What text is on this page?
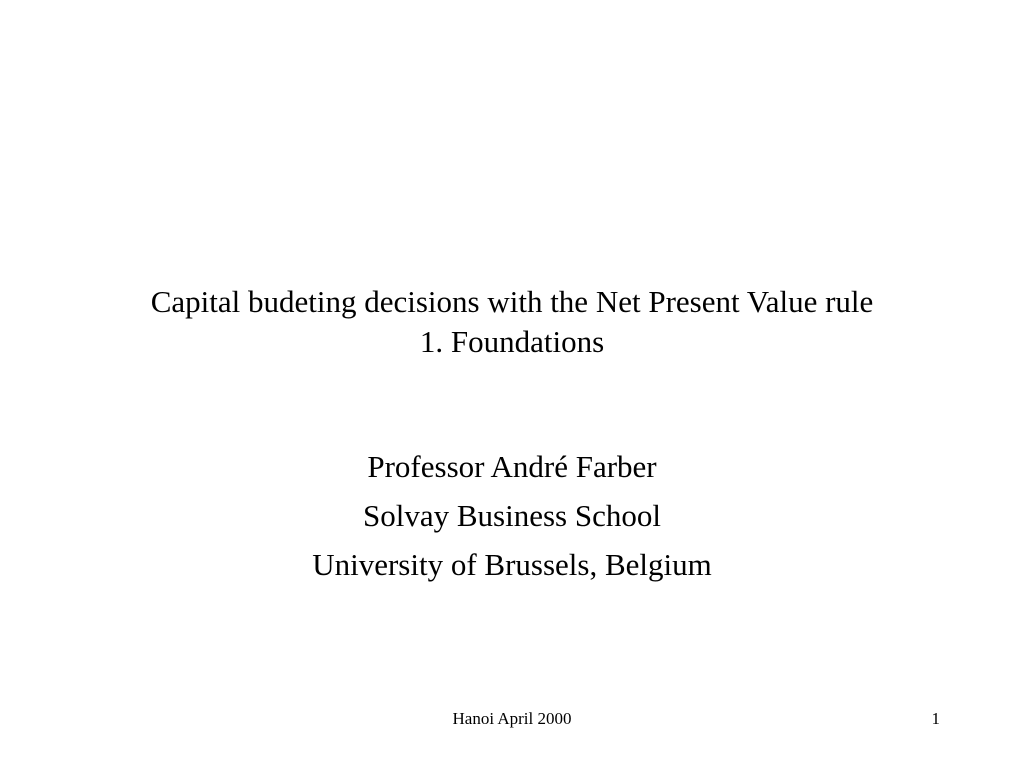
Capital budeting decisions with the Net Present Value rule
1. Foundations
Professor André Farber
Solvay Business School
University of Brussels, Belgium
Hanoi April 2000	1
